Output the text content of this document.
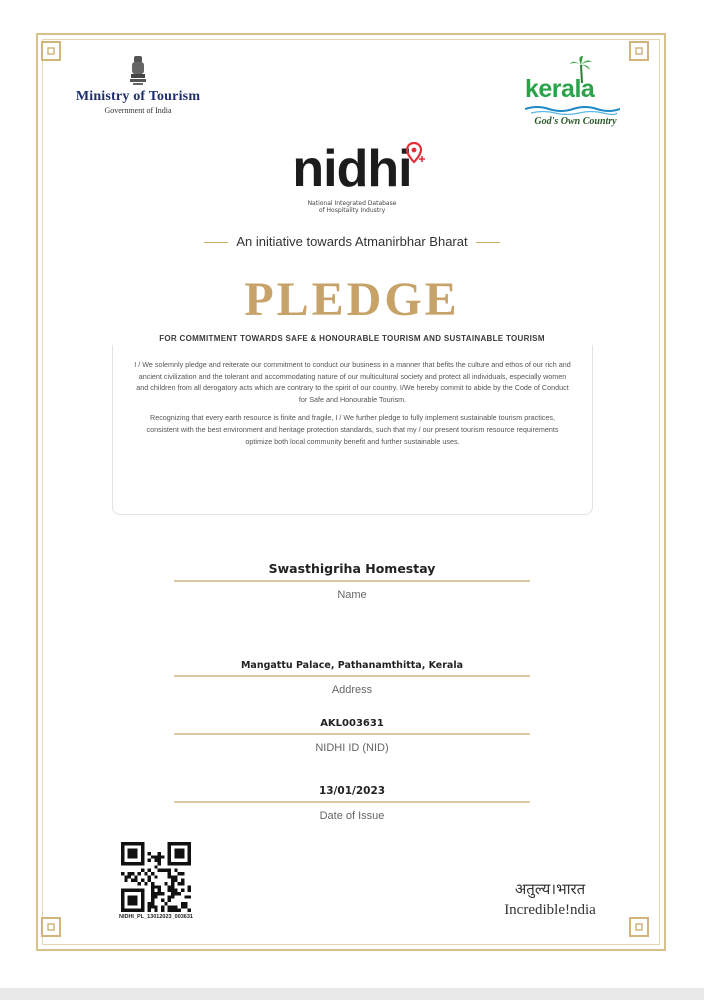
Ministry of Tourism
Government of India
kerala
God's Own Country
nidhi
National Integrated Database
of Hospitality Industry
An initiative towards Atmanirbhar Bharat
PLEDGE
FOR COMMITMENT TOWARDS SAFE & HONOURABLE TOURISM AND SUSTAINABLE TOURISM

I / We solemnly pledge and reiterate our commitment to conduct our business in a manner that befits the culture and ethos of our rich and ancient civilization and the tolerant and accommodating nature of our multicultural society and protect all individuals, especially women and children from all derogatory acts which are contrary to the spirit of our country. I/We hereby commit to abide by the Code of Conduct for Safe and Honourable Tourism.

Recognizing that every earth resource is finite and fragile, I / We further pledge to fully implement sustainable tourism practices, consistent with the best environment and heritage protection standards, such that my / our present tourism resource requirements optimize both local community benefit and further sustainable uses.

Swasthigriha Homestay
Name
Mangattu Palace, Pathanamthitta, Kerala
Address
AKL003631
NIDHI ID (NID)
13/01/2023
Date of Issue
NIDHI_PL_13012023_003631
अतुल्य।भारत
Incredible!ndia
